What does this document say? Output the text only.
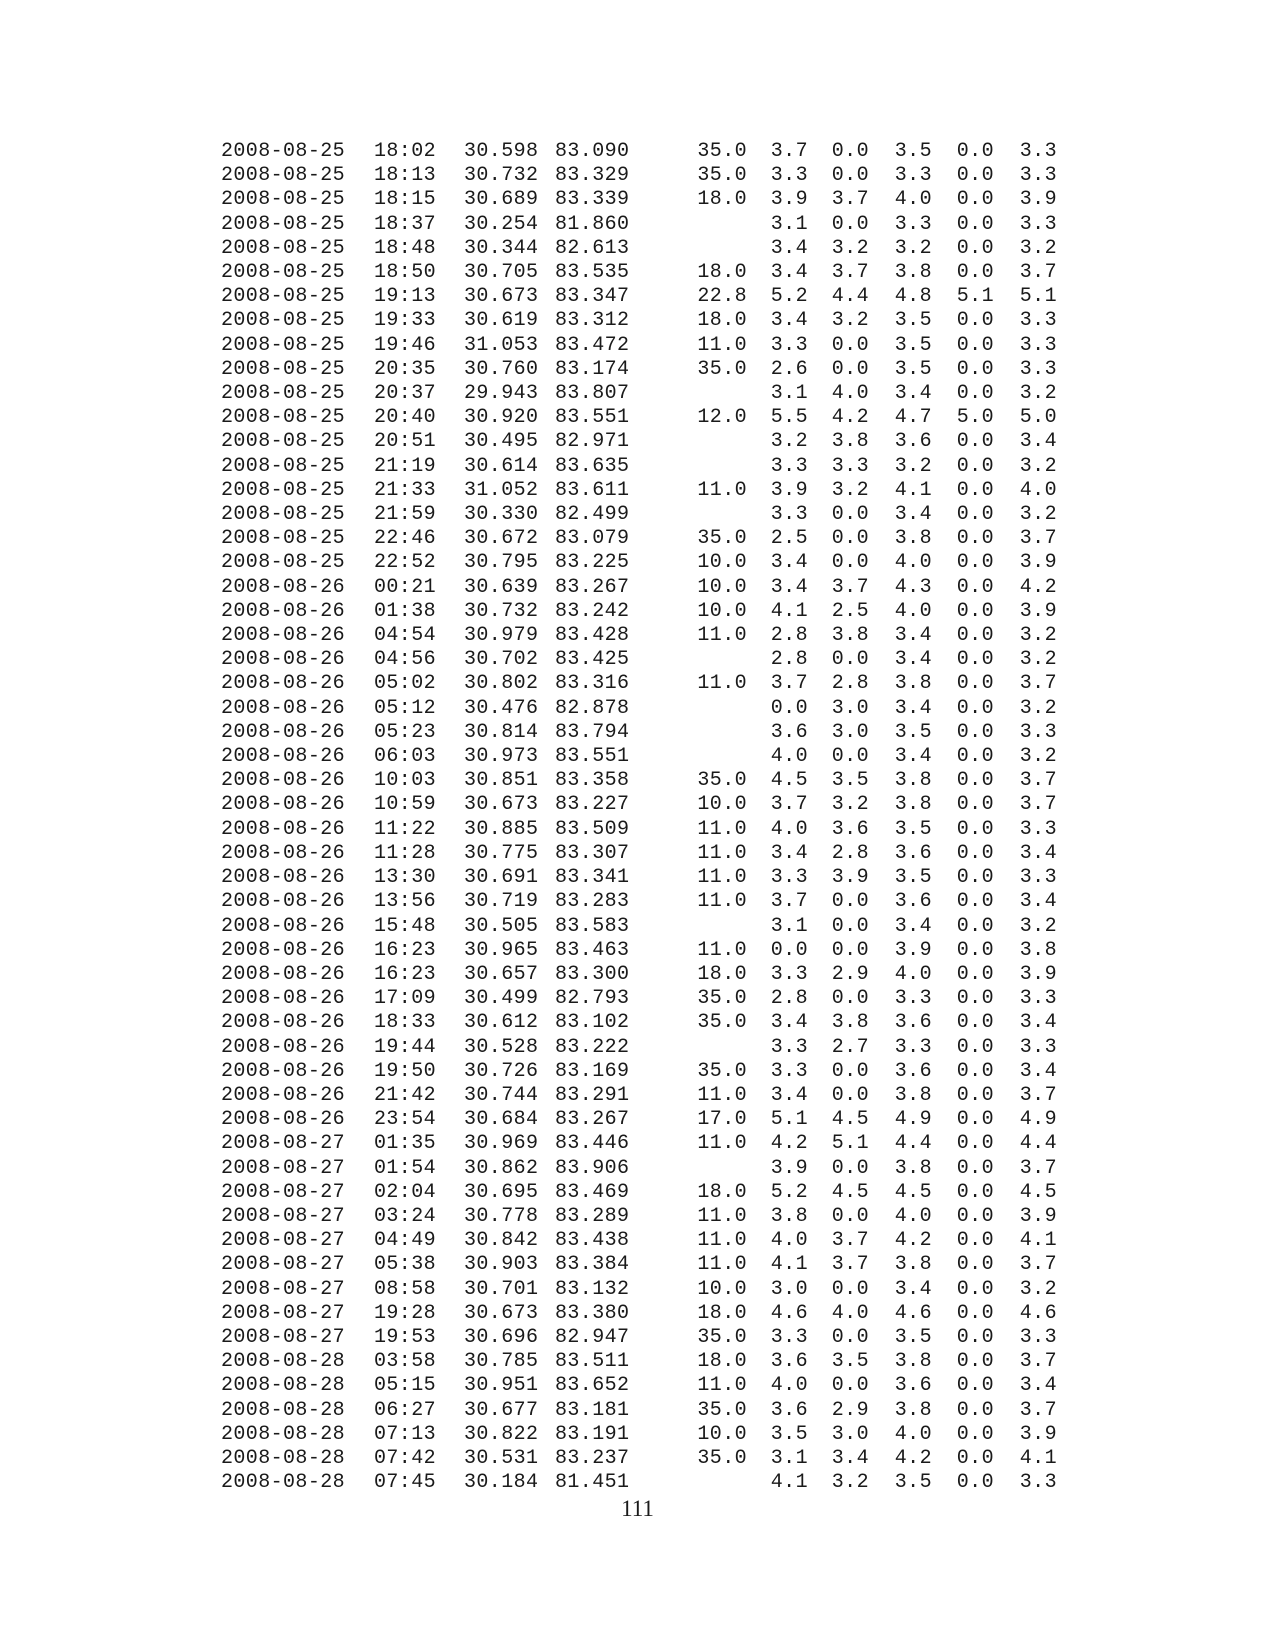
2008-08-25	18:02	30.598	83.090	35.0	3.7	0.0	3.5	0.0	3.3
2008-08-25	18:13	30.732	83.329	35.0	3.3	0.0	3.3	0.0	3.3
2008-08-25	18:15	30.689	83.339	18.0	3.9	3.7	4.0	0.0	3.9
2008-08-25	18:37	30.254	81.860		3.1	0.0	3.3	0.0	3.3
2008-08-25	18:48	30.344	82.613		3.4	3.2	3.2	0.0	3.2
2008-08-25	18:50	30.705	83.535	18.0	3.4	3.7	3.8	0.0	3.7
2008-08-25	19:13	30.673	83.347	22.8	5.2	4.4	4.8	5.1	5.1
2008-08-25	19:33	30.619	83.312	18.0	3.4	3.2	3.5	0.0	3.3
2008-08-25	19:46	31.053	83.472	11.0	3.3	0.0	3.5	0.0	3.3
2008-08-25	20:35	30.760	83.174	35.0	2.6	0.0	3.5	0.0	3.3
2008-08-25	20:37	29.943	83.807		3.1	4.0	3.4	0.0	3.2
2008-08-25	20:40	30.920	83.551	12.0	5.5	4.2	4.7	5.0	5.0
2008-08-25	20:51	30.495	82.971		3.2	3.8	3.6	0.0	3.4
2008-08-25	21:19	30.614	83.635		3.3	3.3	3.2	0.0	3.2
2008-08-25	21:33	31.052	83.611	11.0	3.9	3.2	4.1	0.0	4.0
2008-08-25	21:59	30.330	82.499		3.3	0.0	3.4	0.0	3.2
2008-08-25	22:46	30.672	83.079	35.0	2.5	0.0	3.8	0.0	3.7
2008-08-25	22:52	30.795	83.225	10.0	3.4	0.0	4.0	0.0	3.9
2008-08-26	00:21	30.639	83.267	10.0	3.4	3.7	4.3	0.0	4.2
2008-08-26	01:38	30.732	83.242	10.0	4.1	2.5	4.0	0.0	3.9
2008-08-26	04:54	30.979	83.428	11.0	2.8	3.8	3.4	0.0	3.2
2008-08-26	04:56	30.702	83.425		2.8	0.0	3.4	0.0	3.2
2008-08-26	05:02	30.802	83.316	11.0	3.7	2.8	3.8	0.0	3.7
2008-08-26	05:12	30.476	82.878		0.0	3.0	3.4	0.0	3.2
2008-08-26	05:23	30.814	83.794		3.6	3.0	3.5	0.0	3.3
2008-08-26	06:03	30.973	83.551		4.0	0.0	3.4	0.0	3.2
2008-08-26	10:03	30.851	83.358	35.0	4.5	3.5	3.8	0.0	3.7
2008-08-26	10:59	30.673	83.227	10.0	3.7	3.2	3.8	0.0	3.7
2008-08-26	11:22	30.885	83.509	11.0	4.0	3.6	3.5	0.0	3.3
2008-08-26	11:28	30.775	83.307	11.0	3.4	2.8	3.6	0.0	3.4
2008-08-26	13:30	30.691	83.341	11.0	3.3	3.9	3.5	0.0	3.3
2008-08-26	13:56	30.719	83.283	11.0	3.7	0.0	3.6	0.0	3.4
2008-08-26	15:48	30.505	83.583		3.1	0.0	3.4	0.0	3.2
2008-08-26	16:23	30.965	83.463	11.0	0.0	0.0	3.9	0.0	3.8
2008-08-26	16:23	30.657	83.300	18.0	3.3	2.9	4.0	0.0	3.9
2008-08-26	17:09	30.499	82.793	35.0	2.8	0.0	3.3	0.0	3.3
2008-08-26	18:33	30.612	83.102	35.0	3.4	3.8	3.6	0.0	3.4
2008-08-26	19:44	30.528	83.222		3.3	2.7	3.3	0.0	3.3
2008-08-26	19:50	30.726	83.169	35.0	3.3	0.0	3.6	0.0	3.4
2008-08-26	21:42	30.744	83.291	11.0	3.4	0.0	3.8	0.0	3.7
2008-08-26	23:54	30.684	83.267	17.0	5.1	4.5	4.9	0.0	4.9
2008-08-27	01:35	30.969	83.446	11.0	4.2	5.1	4.4	0.0	4.4
2008-08-27	01:54	30.862	83.906		3.9	0.0	3.8	0.0	3.7
2008-08-27	02:04	30.695	83.469	18.0	5.2	4.5	4.5	0.0	4.5
2008-08-27	03:24	30.778	83.289	11.0	3.8	0.0	4.0	0.0	3.9
2008-08-27	04:49	30.842	83.438	11.0	4.0	3.7	4.2	0.0	4.1
2008-08-27	05:38	30.903	83.384	11.0	4.1	3.7	3.8	0.0	3.7
2008-08-27	08:58	30.701	83.132	10.0	3.0	0.0	3.4	0.0	3.2
2008-08-27	19:28	30.673	83.380	18.0	4.6	4.0	4.6	0.0	4.6
2008-08-27	19:53	30.696	82.947	35.0	3.3	0.0	3.5	0.0	3.3
2008-08-28	03:58	30.785	83.511	18.0	3.6	3.5	3.8	0.0	3.7
2008-08-28	05:15	30.951	83.652	11.0	4.0	0.0	3.6	0.0	3.4
2008-08-28	06:27	30.677	83.181	35.0	3.6	2.9	3.8	0.0	3.7
2008-08-28	07:13	30.822	83.191	10.0	3.5	3.0	4.0	0.0	3.9
2008-08-28	07:42	30.531	83.237	35.0	3.1	3.4	4.2	0.0	4.1
2008-08-28	07:45	30.184	81.451		4.1	3.2	3.5	0.0	3.3
111
